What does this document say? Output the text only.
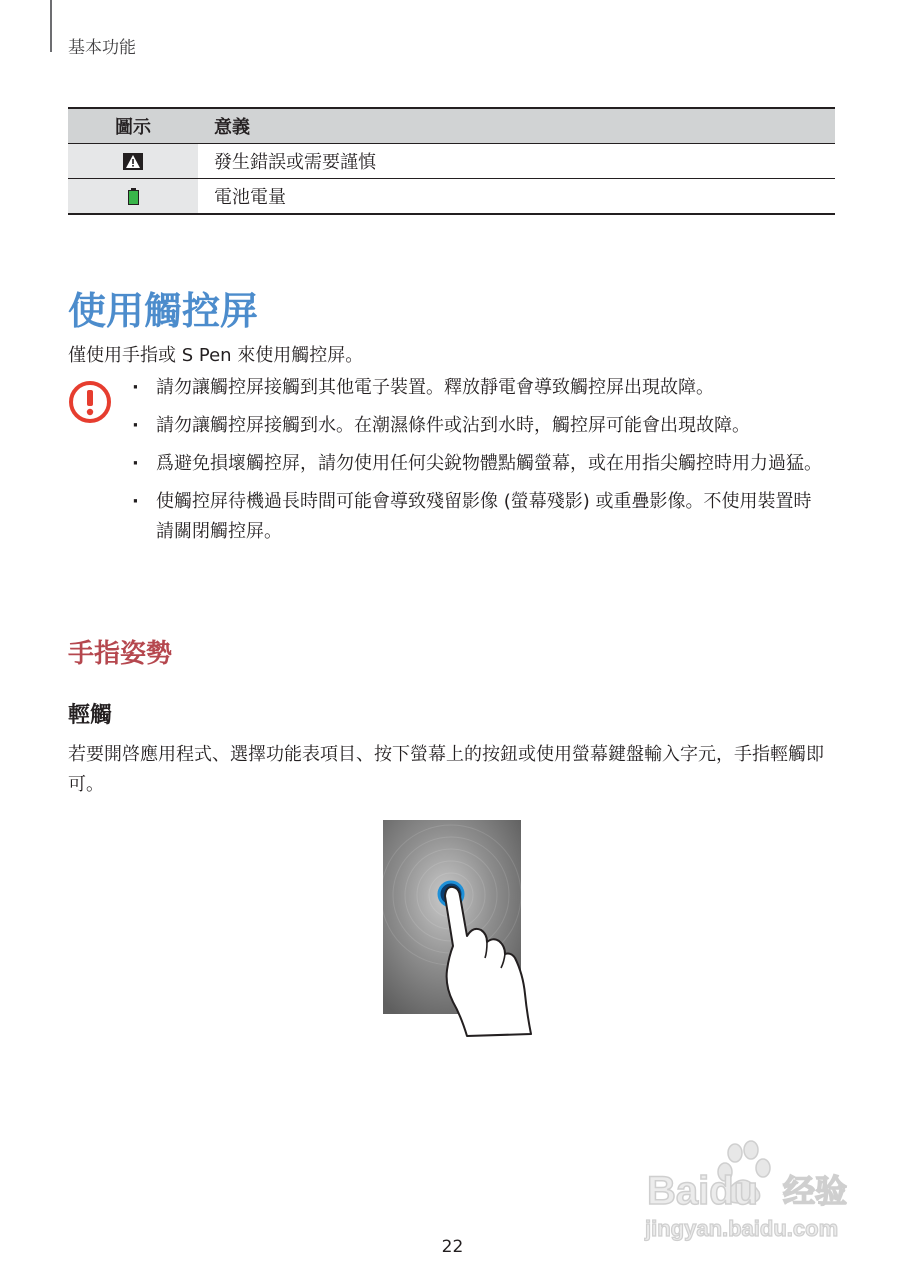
基本功能
圖示	意義

	發生錯誤或需要謹慎

	電池電量
使用觸控屏
僅使用手指或 S Pen 來使用觸控屏。
· 請勿讓觸控屏接觸到其他電子裝置。釋放靜電會導致觸控屏出現故障。
· 請勿讓觸控屏接觸到水。在潮濕條件或沾到水時，觸控屏可能會出現故障。
· 爲避免損壞觸控屏，請勿使用任何尖銳物體點觸螢幕，或在用指尖觸控時用力過猛。
· 使觸控屏待機過長時間可能會導致殘留影像 (螢幕殘影) 或重疊影像。不使用裝置時請關閉觸控屏。
手指姿勢
輕觸
若要開啓應用程式、選擇功能表項目、按下螢幕上的按鈕或使用螢幕鍵盤輸入字元，手指輕觸即可。
Baidu 经验
jingyan.baidu.com
22
